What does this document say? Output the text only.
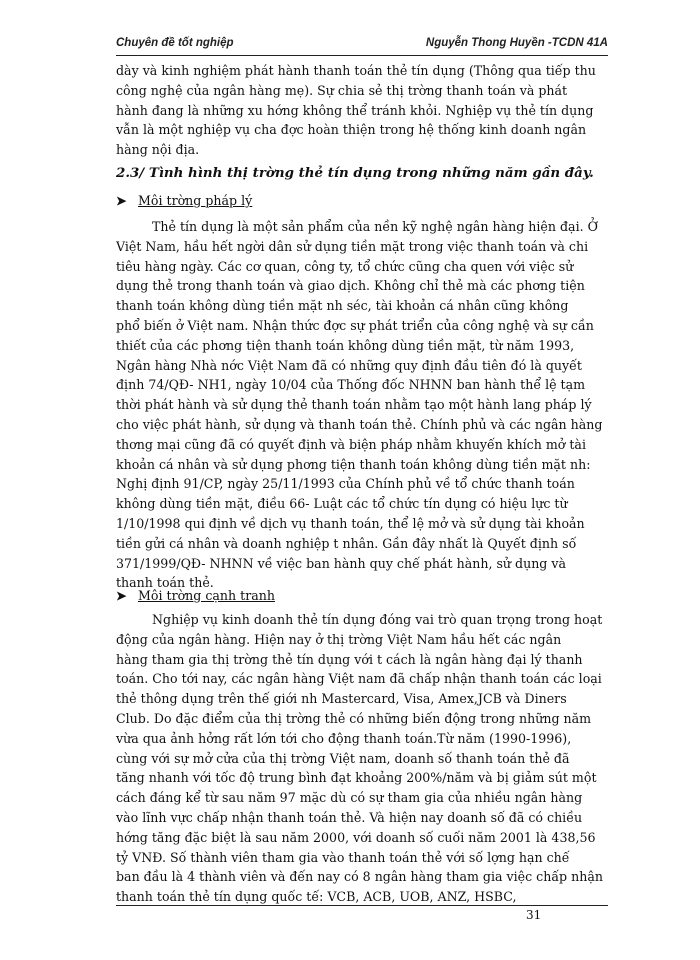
Chuyên đề tốt nghiệp	Nguyễn Thong Huyền -TCDN 41A
dày và kinh nghiệm phát hành thanh toán thẻ tín dụng (Thông qua tiếp thu
công nghệ của ngân hàng mẹ). Sự chia sẻ thị trờng thanh toán và phát
hành đang là những xu hớng không thể tránh khỏi. Nghiệp vụ thẻ tín dụng
vẫn là một nghiệp vụ cha đợc hoàn thiện trong hệ thống kinh doanh ngân
hàng nội địa.
2.3/ Tình hình thị trờng thẻ tín dụng trong những năm gần đây.
➤ Môi trờng pháp lý
Thẻ tín dụng là một sản phẩm của nền kỹ nghệ ngân hàng hiện đại. Ở
Việt Nam, hầu hết ngời dân sử dụng tiền mặt trong việc thanh toán và chi
tiêu hàng ngày. Các cơ quan, công ty, tổ chức cũng cha quen với việc sử
dụng thẻ trong thanh toán và giao dịch. Không chỉ thẻ mà các phơng tiện
thanh toán không dùng tiền mặt nh séc, tài khoản cá nhân cũng không
phổ biến ở Việt nam. Nhận thức đợc sự phát triển của công nghệ và sự cần
thiết của các phơng tiện thanh toán không dùng tiền mặt, từ năm 1993,
Ngân hàng Nhà nớc Việt Nam đã có những quy định đầu tiên đó là quyết
định 74/QĐ- NH1, ngày 10/04 của Thống đốc NHNN ban hành thể lệ tạm
thời phát hành và sử dụng thẻ thanh toán nhằm tạo một hành lang pháp lý
cho việc phát hành, sử dụng và thanh toán thẻ. Chính phủ và các ngân hàng
thơng mại cũng đã có quyết định và biện pháp nhằm khuyến khích mở tài
khoản cá nhân và sử dụng phơng tiện thanh toán không dùng tiền mặt nh:
Nghị định 91/CP, ngày 25/11/1993 của Chính phủ về tổ chức thanh toán
không dùng tiền mặt, điều 66- Luật các tổ chức tín dụng có hiệu lực từ
1/10/1998 qui định về dịch vụ thanh toán, thể lệ mở và sử dụng tài khoản
tiền gửi cá nhân và doanh nghiệp t nhân. Gần đây nhất là Quyết định số
371/1999/QĐ- NHNN về việc ban hành quy chế phát hành, sử dụng và
thanh toán thẻ.
➤ Môi trờng cạnh tranh
Nghiệp vụ kinh doanh thẻ tín dụng đóng vai trò quan trọng trong hoạt
động của ngân hàng. Hiện nay ở thị trờng Việt Nam hầu hết các ngân
hàng tham gia thị trờng thẻ tín dụng với t cách là ngân hàng đại lý thanh
toán. Cho tới nay, các ngân hàng Việt nam đã chấp nhận thanh toán các loại
thẻ thông dụng trên thế giới nh Mastercard, Visa, Amex,JCB và Diners
Club. Do đặc điểm của thị trờng thẻ có những biến động trong những năm
vừa qua ảnh hởng rất lớn tới cho động thanh toán.Từ năm (1990-1996),
cùng với sự mở cửa của thị trờng Việt nam, doanh số thanh toán thẻ đã
tăng nhanh với tốc độ trung bình đạt khoảng 200%/năm và bị giảm sút một
cách đáng kể từ sau năm 97 mặc dù có sự tham gia của nhiều ngân hàng
vào lĩnh vực chấp nhận thanh toán thẻ. Và hiện nay doanh số đã có chiều
hớng tăng đặc biệt là sau năm 2000, với doanh số cuối năm 2001 là 438,56
tỷ VNĐ. Số thành viên tham gia vào thanh toán thẻ với số lợng hạn chế
ban đầu là 4 thành viên và đến nay có 8 ngân hàng tham gia việc chấp nhận
thanh toán thẻ tín dụng quốc tế: VCB, ACB, UOB, ANZ, HSBC,
31
